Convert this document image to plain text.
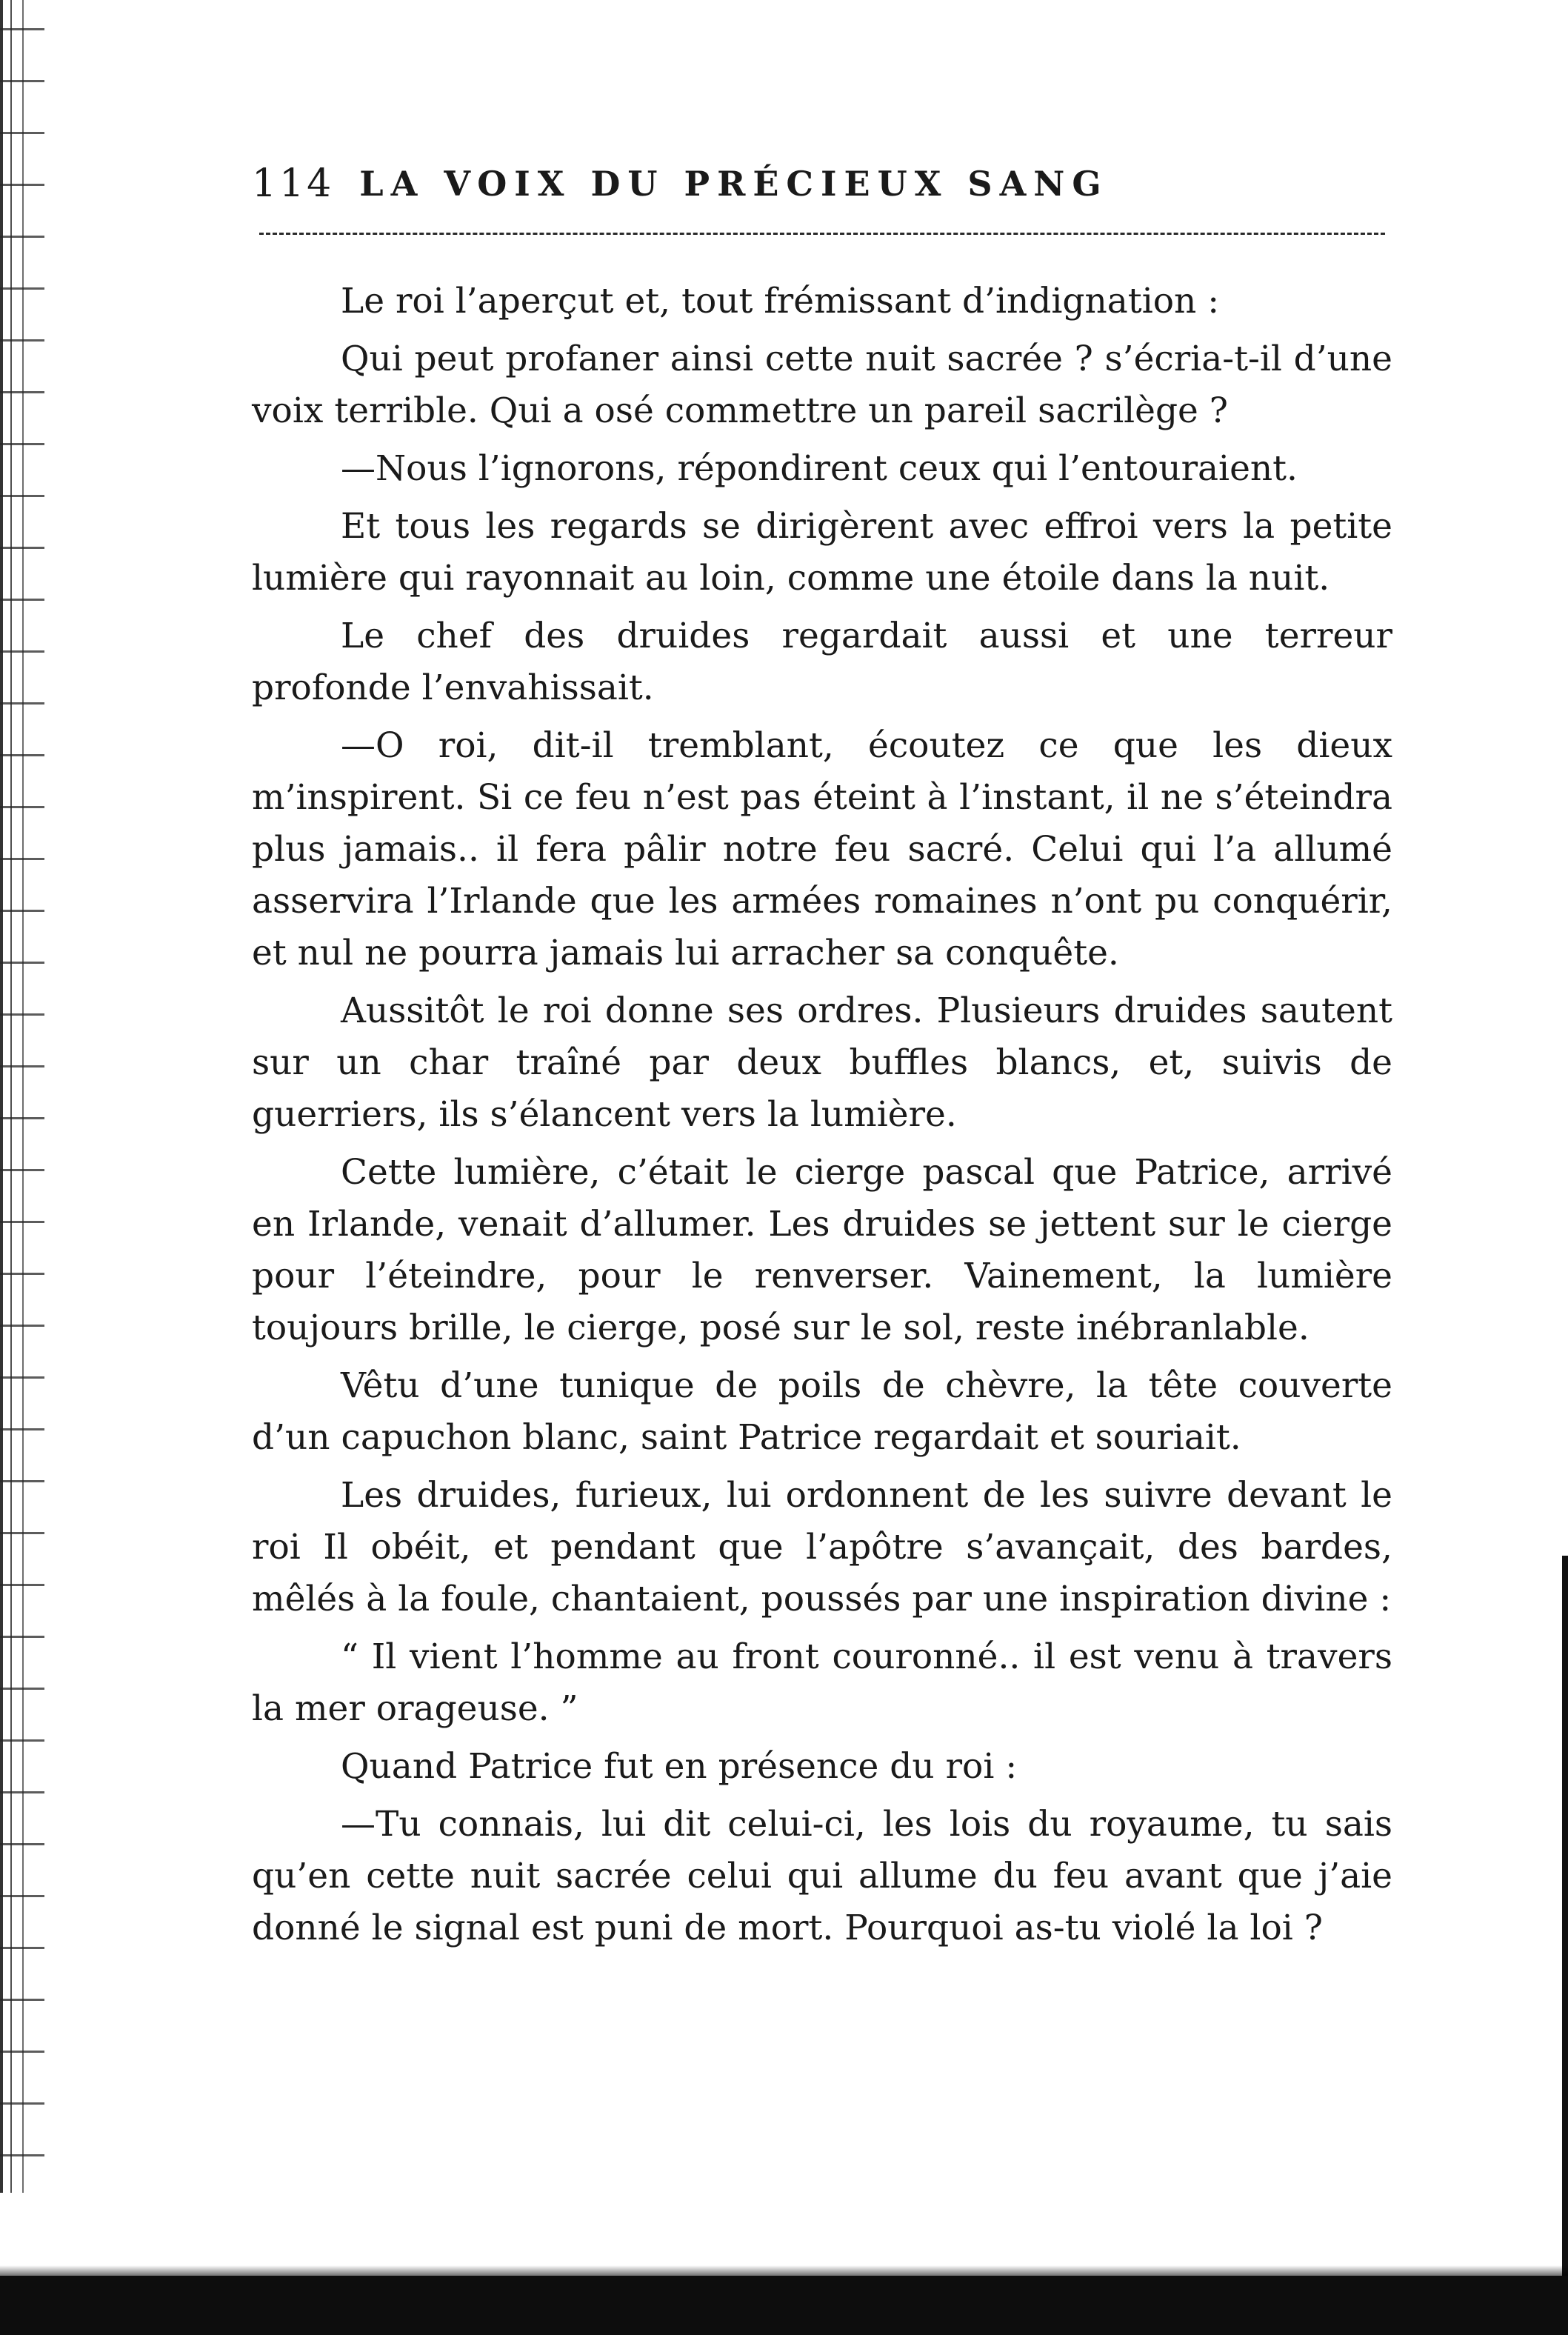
114 LA VOIX DU PRÉCIEUX SANG

Le roi l’aperçut et, tout frémissant d’indignation :

Qui peut profaner ainsi cette nuit sacrée ? s’écria-t-il d’une voix terrible. Qui a osé commettre un pareil sacrilège ?

—Nous l’ignorons, répondirent ceux qui l’entouraient.

Et tous les regards se dirigèrent avec effroi vers la petite lumière qui rayonnait au loin, comme une étoile dans la nuit.

Le chef des druides regardait aussi et une terreur profonde l’envahissait.

—O roi, dit-il tremblant, écoutez ce que les dieux m’inspirent. Si ce feu n’est pas éteint à l’instant, il ne s’éteindra plus jamais.. il fera pâlir notre feu sacré. Celui qui l’a allumé asservira l’Irlande que les armées romaines n’ont pu conquérir, et nul ne pourra jamais lui arracher sa conquête.

Aussitôt le roi donne ses ordres. Plusieurs druides sautent sur un char traîné par deux buffles blancs, et, suivis de guerriers, ils s’élancent vers la lumière.

Cette lumière, c’était le cierge pascal que Patrice, arrivé en Irlande, venait d’allumer. Les druides se jettent sur le cierge pour l’éteindre, pour le renverser. Vainement, la lumière toujours brille, le cierge, posé sur le sol, reste inébranlable.

Vêtu d’une tunique de poils de chèvre, la tête couverte d’un capuchon blanc, saint Patrice regardait et souriait.

Les druides, furieux, lui ordonnent de les suivre devant le roi Il obéit, et pendant que l’apôtre s’avançait, des bardes, mêlés à la foule, chantaient, poussés par une inspiration divine :

“ Il vient l’homme au front couronné.. il est venu à travers la mer orageuse. ”

Quand Patrice fut en présence du roi :

—Tu connais, lui dit celui-ci, les lois du royaume, tu sais qu’en cette nuit sacrée celui qui allume du feu avant que j’aie donné le signal est puni de mort. Pourquoi as-tu violé la loi ?
